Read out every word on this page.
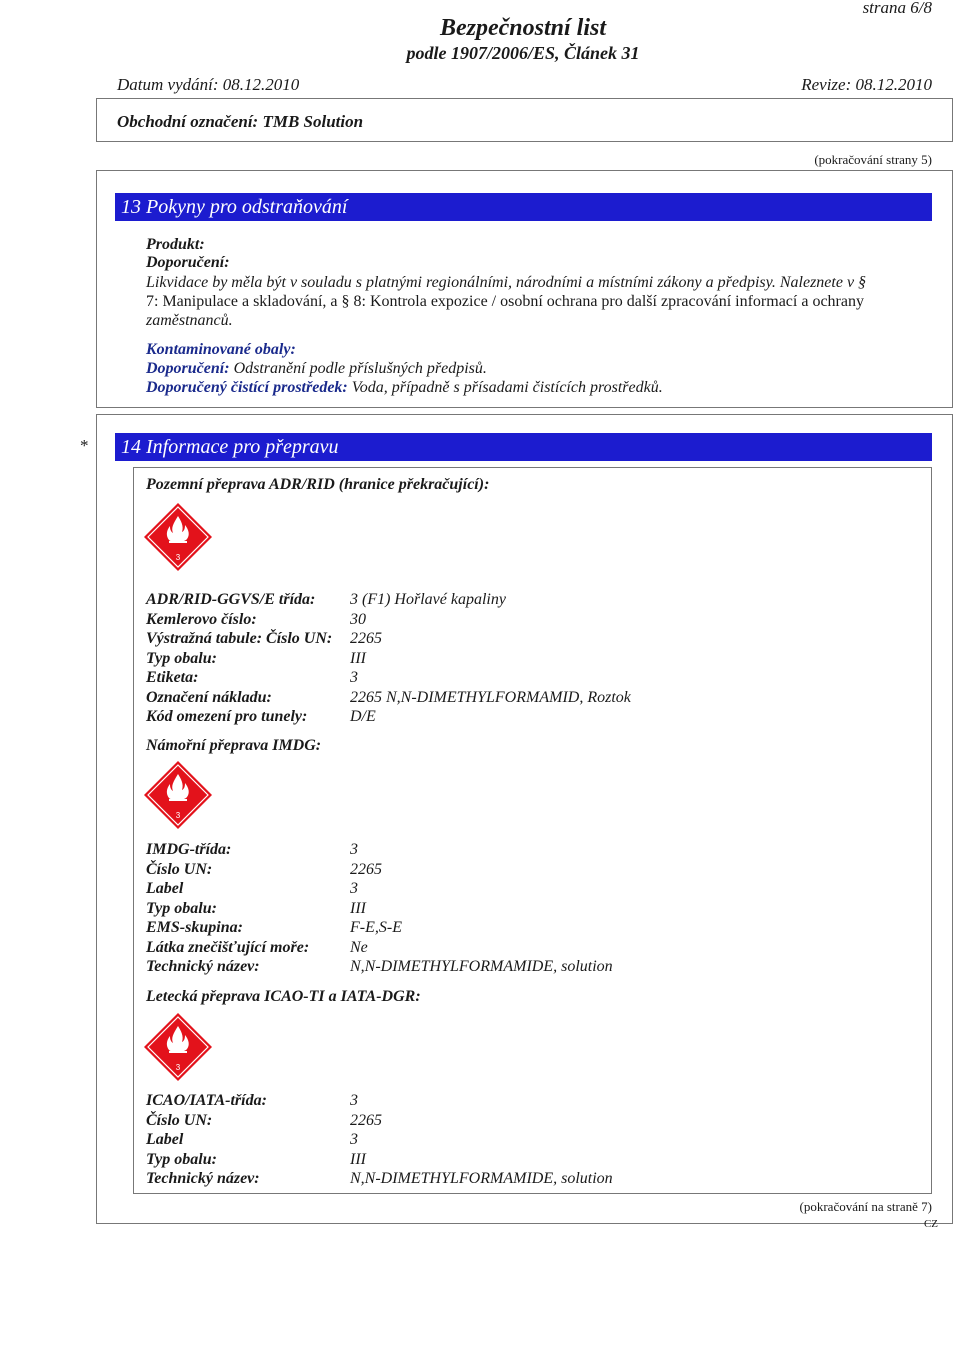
strana 6/8
Bezpečnostní list
podle 1907/2006/ES, Článek 31
Datum vydání: 08.12.2010	Revize: 08.12.2010
Obchodní označení: TMB Solution
(pokračování strany 5)
13 Pokyny pro odstraňování
Produkt:
Doporučení:
Likvidace by měla být v souladu s platnými regionálními, národními a místními zákony a předpisy. Naleznete v §
7: Manipulace a skladování, a § 8: Kontrola expozice / osobní ochrana pro další zpracování informací a ochrany
zaměstnanců.
Kontaminované obaly:
Doporučení: Odstranění podle příslušných předpisů.
Doporučený čistící prostředek: Voda, případně s přísadami čistících prostředků.
*	14 Informace pro přepravu
Pozemní přeprava ADR/RID (hranice překračující):
3
ADR/RID-GGVS/E třída: 3 (F1) Hořlavé kapaliny
Kemlerovo číslo:	30
Výstražná tabule: Číslo UN: 2265
Typ obalu:	III
Etiketa:	3
Označení nákladu:	2265 N,N-DIMETHYLFORMAMID, Roztok
Kód omezení pro tunely:	D/E
Námořní přeprava IMDG:
3
IMDG-třída:	3
Číslo UN:	2265
Label	3
Typ obalu:	III
EMS-skupina:	F-E,S-E
Látka znečišťující moře:	Ne
Technický název:	N,N-DIMETHYLFORMAMIDE, solution
Letecká přeprava ICAO-TI a IATA-DGR:
3
ICAO/IATA-třída:	3
Číslo UN:	2265
Label	3
Typ obalu:	III
Technický název:	N,N-DIMETHYLFORMAMIDE, solution
(pokračování na straně 7)
CZ
